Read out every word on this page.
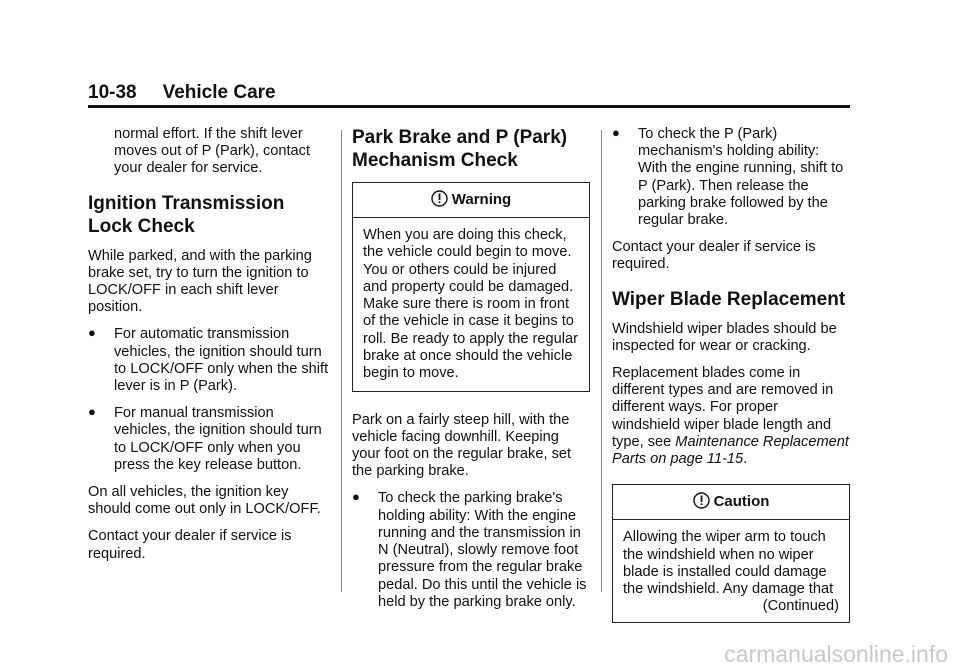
10-38 Vehicle Care

normal effort. If the shift lever moves out of P (Park), contact your dealer for service.

Ignition Transmission Lock Check

While parked, and with the parking brake set, try to turn the ignition to LOCK/OFF in each shift lever position.

● For automatic transmission vehicles, the ignition should turn to LOCK/OFF only when the shift lever is in P (Park).
● For manual transmission vehicles, the ignition should turn to LOCK/OFF only when you press the key release button.

On all vehicles, the ignition key should come out only in LOCK/OFF.

Contact your dealer if service is required.

Park Brake and P (Park) Mechanism Check
Warning
When you are doing this check, the vehicle could begin to move. You or others could be injured and property could be damaged. Make sure there is room in front of the vehicle in case it begins to roll. Be ready to apply the regular brake at once should the vehicle begin to move.

Park on a fairly steep hill, with the vehicle facing downhill. Keeping your foot on the regular brake, set the parking brake.

● To check the parking brake's holding ability: With the engine running and the transmission in N (Neutral), slowly remove foot pressure from the regular brake pedal. Do this until the vehicle is held by the parking brake only.
● To check the P (Park) mechanism's holding ability: With the engine running, shift to P (Park). Then release the parking brake followed by the regular brake.

Contact your dealer if service is required.

Wiper Blade Replacement

Windshield wiper blades should be inspected for wear or cracking.

Replacement blades come in different types and are removed in different ways. For proper windshield wiper blade length and type, see Maintenance Replacement Parts on page 11-15.

Caution
Allowing the wiper arm to touch the windshield when no wiper blade is installed could damage the windshield. Any damage that
(Continued)
carmanualsonline.info
